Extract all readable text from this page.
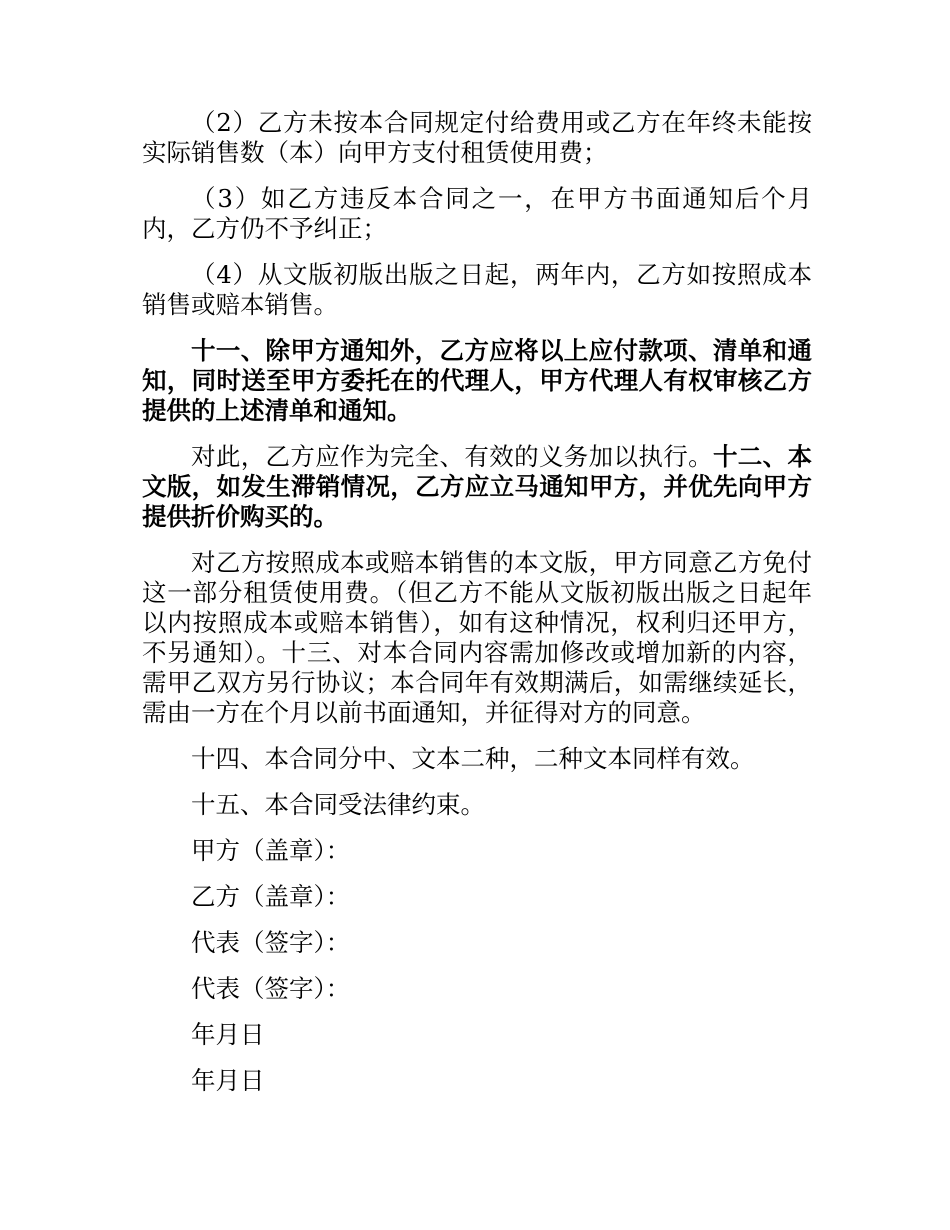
（2）乙方未按本合同规定付给费用或乙方在年终未能按实际销售数（本）向甲方支付租赁使用费；

（3）如乙方违反本合同之一，在甲方书面通知后个月内，乙方仍不予纠正；

（4）从文版初版出版之日起，两年内，乙方如按照成本销售或赔本销售。

十一、除甲方通知外，乙方应将以上应付款项、清单和通知，同时送至甲方委托在的代理人，甲方代理人有权审核乙方提供的上述清单和通知。

对此，乙方应作为完全、有效的义务加以执行。十二、本文版，如发生滞销情况，乙方应立马通知甲方，并优先向甲方提供折价购买的。

对乙方按照成本或赔本销售的本文版，甲方同意乙方免付这一部分租赁使用费。（但乙方不能从文版初版出版之日起年以内按照成本或赔本销售），如有这种情况，权利归还甲方，不另通知）。十三、对本合同内容需加修改或增加新的内容，需甲乙双方另行协议；本合同年有效期满后，如需继续延长，需由一方在个月以前书面通知，并征得对方的同意。

十四、本合同分中、文本二种，二种文本同样有效。

十五、本合同受法律约束。

甲方（盖章）：

乙方（盖章）：

代表（签字）：

代表（签字）：

年月日

年月日
